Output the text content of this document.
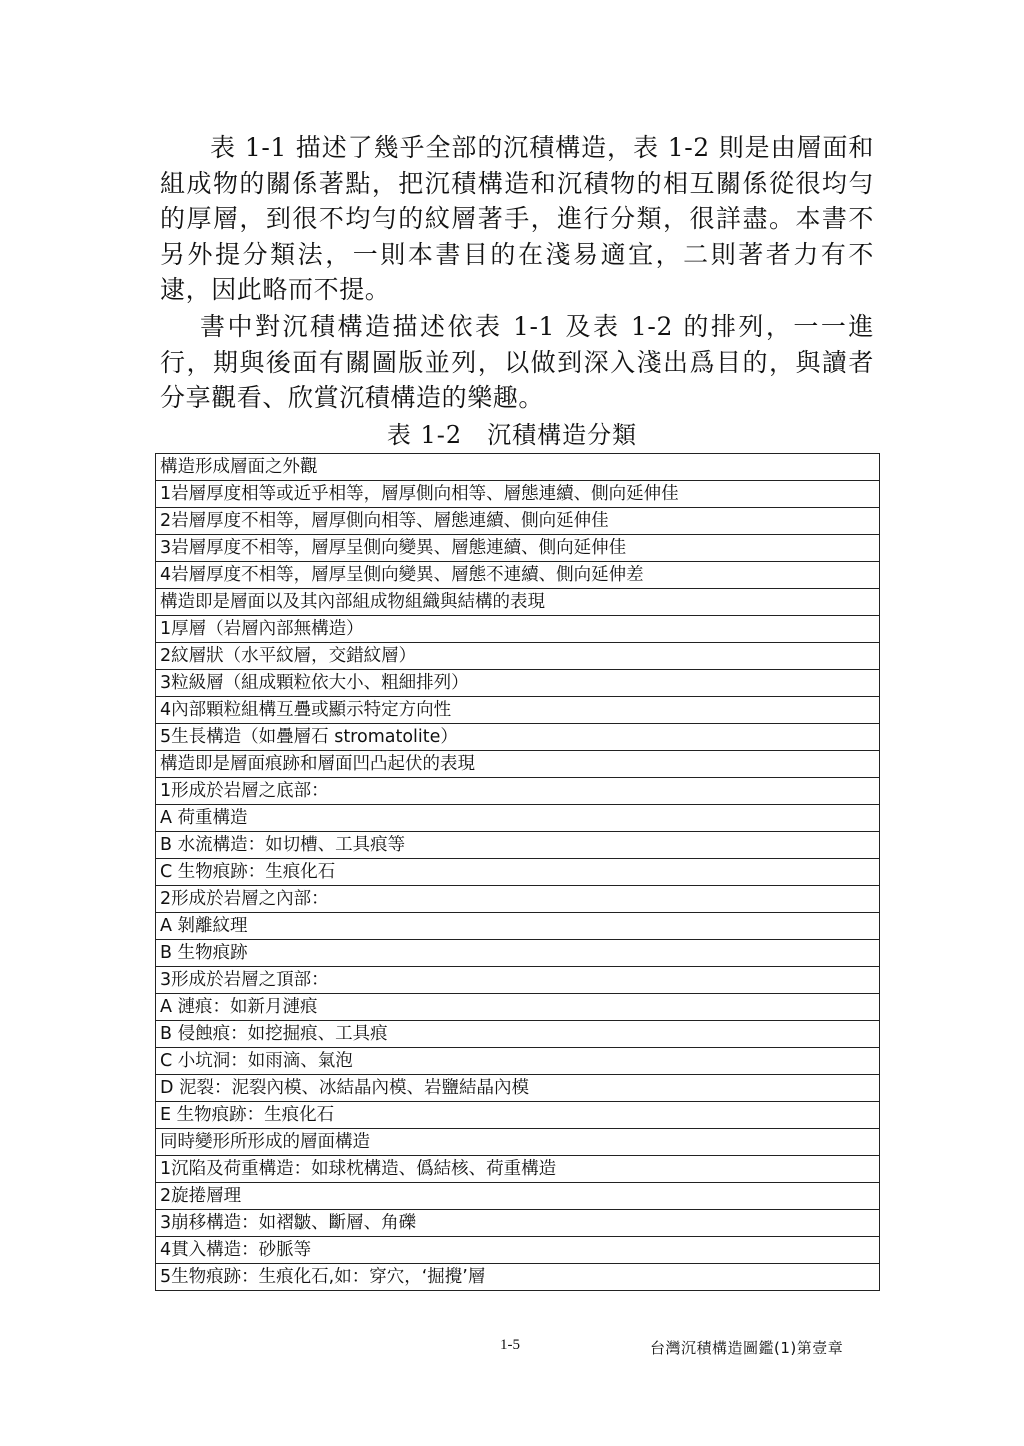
表 1-1 描述了幾乎全部的沉積構造，表 1-2 則是由層面和組成物的關係著點，把沉積構造和沉積物的相互關係從很均勻的厚層，到很不均勻的紋層著手，進行分類，很詳盡。本書不另外提分類法，一則本書目的在淺易適宜，二則著者力有不逮，因此略而不提。

書中對沉積構造描述依表 1-1 及表 1-2 的排列，一一進行，期與後面有關圖版並列，以做到深入淺出爲目的，與讀者分享觀看、欣賞沉積構造的樂趣。

表 1-2　沉積構造分類
構造形成層面之外觀
1岩層厚度相等或近乎相等，層厚側向相等、層態連續、側向延伸佳
2岩層厚度不相等，層厚側向相等、層態連續、側向延伸佳
3岩層厚度不相等，層厚呈側向變異、層態連續、側向延伸佳
4岩層厚度不相等，層厚呈側向變異、層態不連續、側向延伸差
構造即是層面以及其內部組成物組織與結構的表現
1厚層（岩層內部無構造）
2紋層狀（水平紋層，交錯紋層）
3粒級層（組成顆粒依大小、粗細排列）
4內部顆粒組構互疊或顯示特定方向性
5生長構造（如疊層石 stromatolite）
構造即是層面痕跡和層面凹凸起伏的表現
1形成於岩層之底部：
A 荷重構造
B 水流構造：如切槽、工具痕等
C 生物痕跡：生痕化石
2形成於岩層之內部：
A 剝離紋理
B 生物痕跡
3形成於岩層之頂部：
A 漣痕：如新月漣痕
B 侵蝕痕：如挖掘痕、工具痕
C 小坑洞：如雨滴、氣泡
D 泥裂：泥裂內模、冰結晶內模、岩鹽結晶內模
E 生物痕跡：生痕化石
同時變形所形成的層面構造
1沉陷及荷重構造：如球枕構造、僞結核、荷重構造
2旋捲層理
3崩移構造：如褶皺、斷層、角礫
4貫入構造：砂脈等
5生物痕跡：生痕化石,如：穿穴，‘掘攪’層
1-5	台灣沉積構造圖鑑(1)第壹章
